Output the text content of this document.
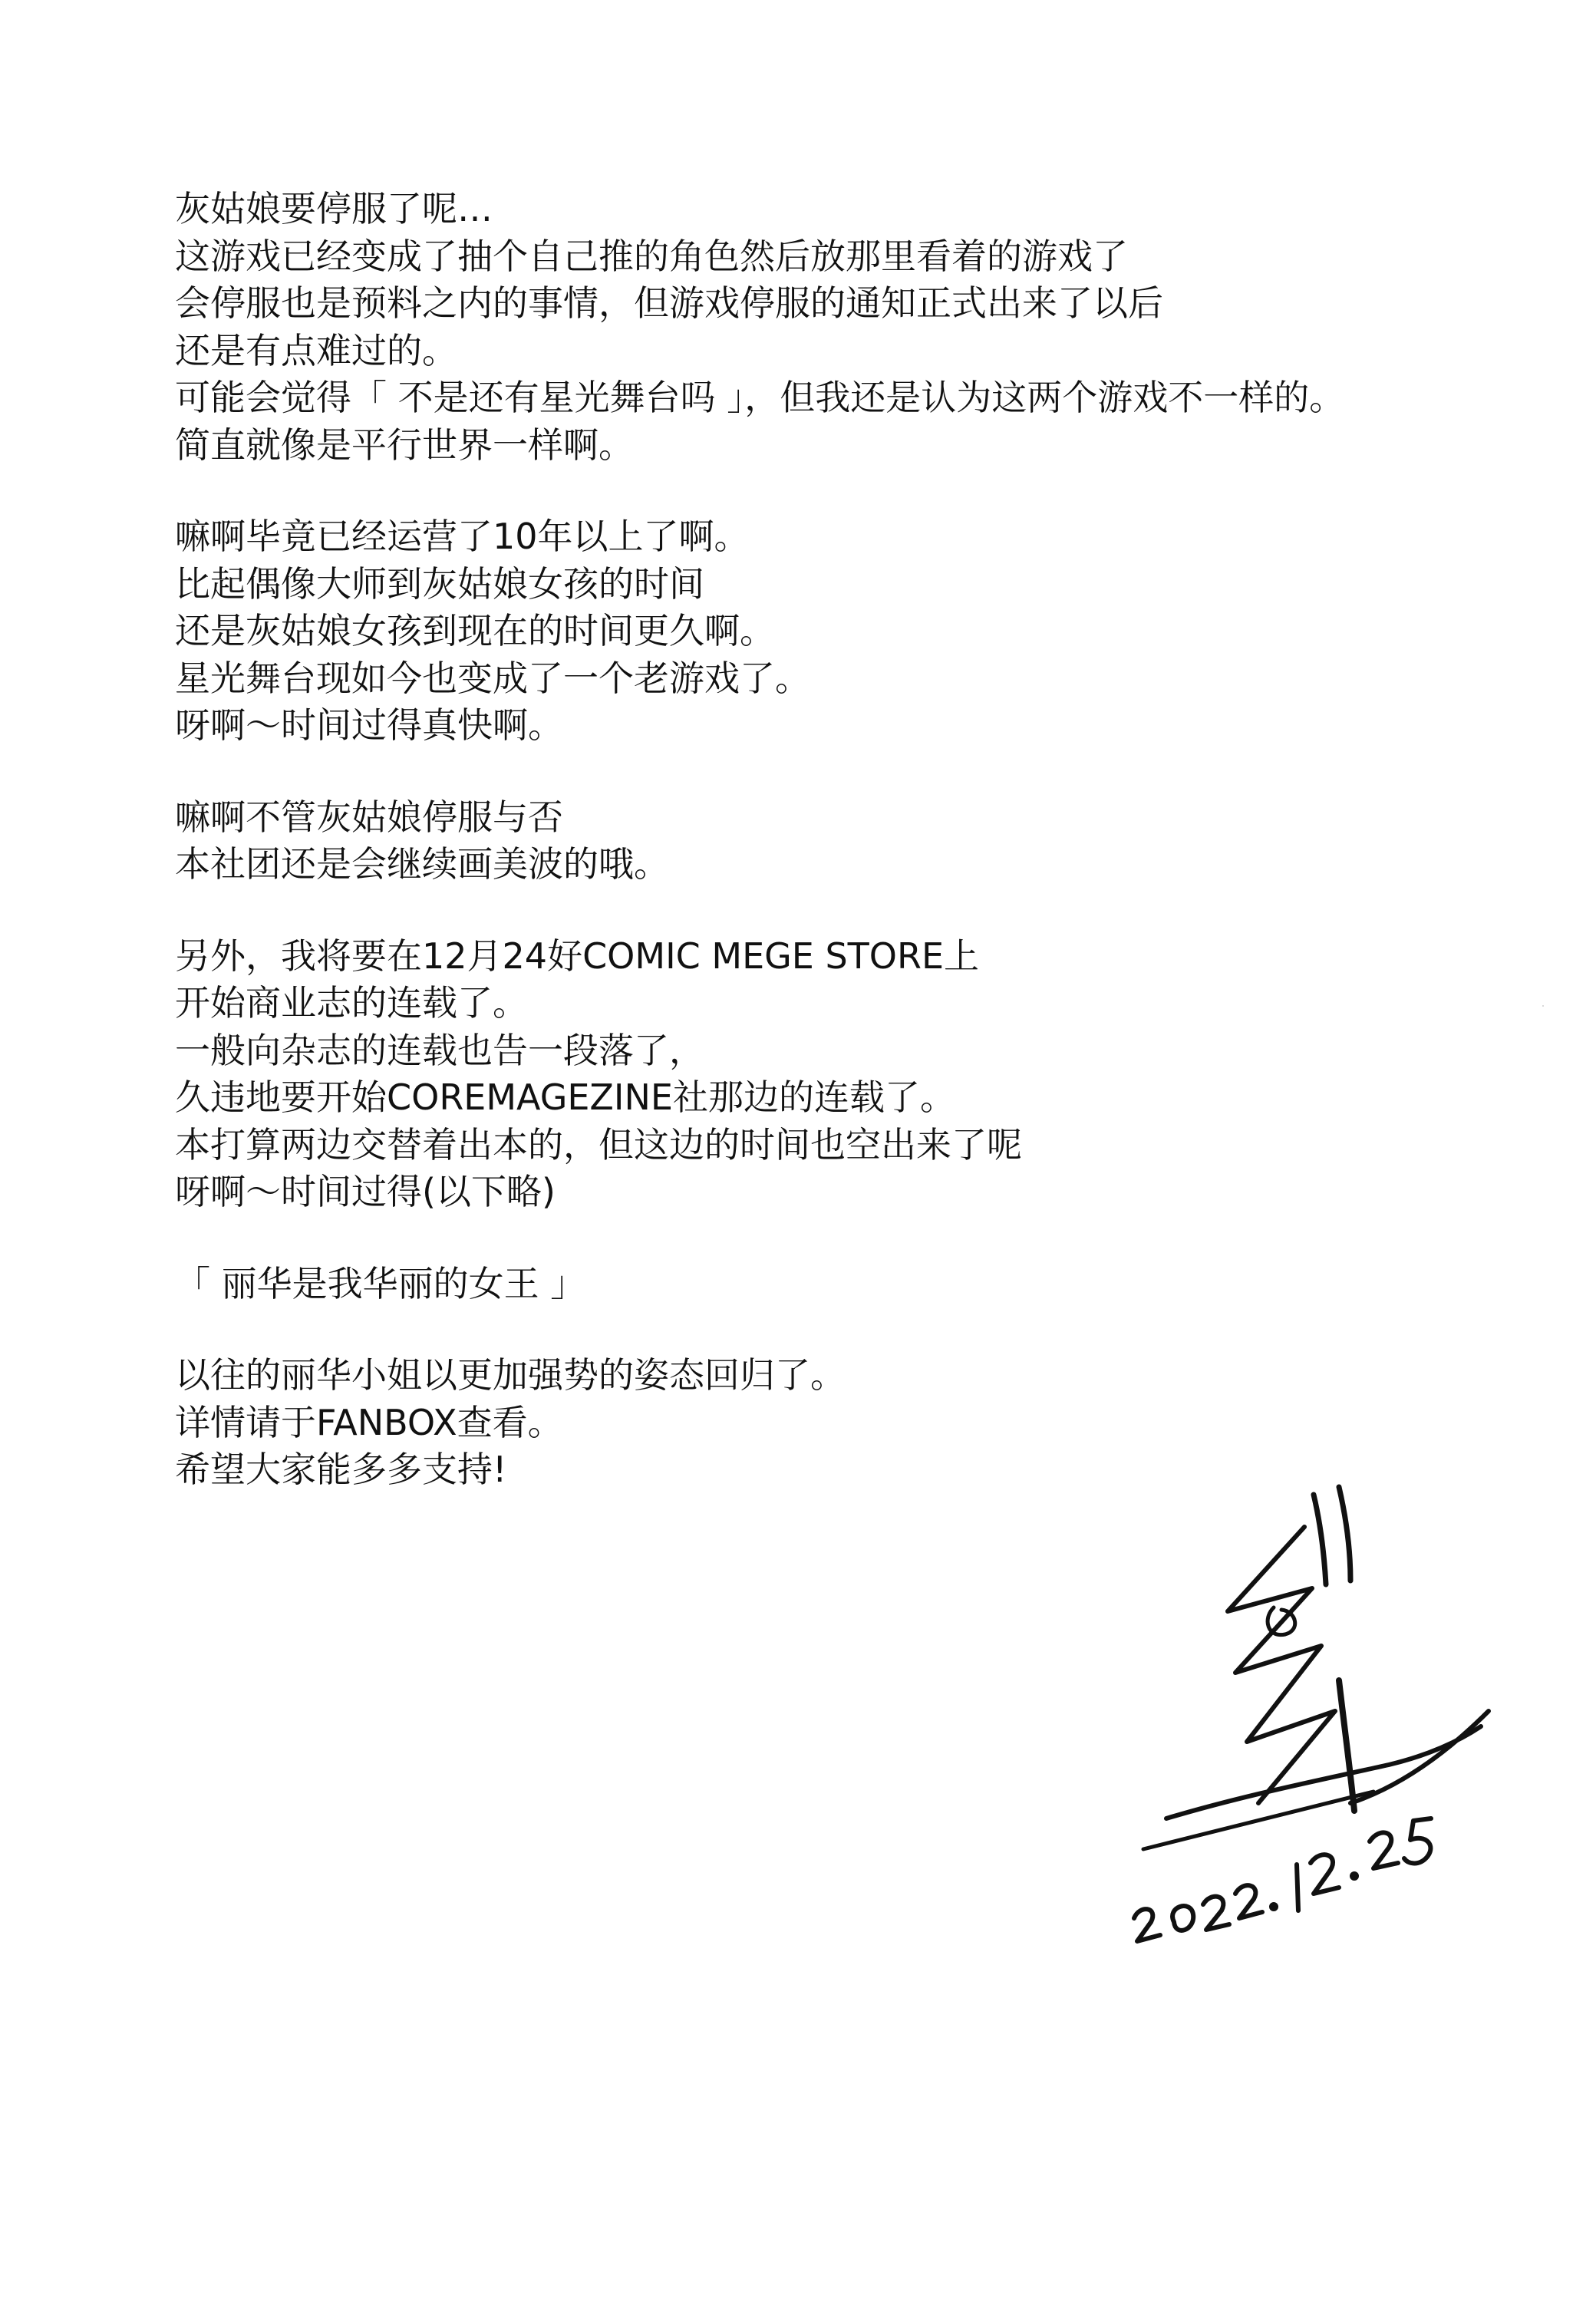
灰姑娘要停服了呢…
这游戏已经变成了抽个自己推的角色然后放那里看着的游戏了
会停服也是预料之内的事情，但游戏停服的通知正式出来了以后
还是有点难过的。
可能会觉得「 不是还有星光舞台吗 」，但我还是认为这两个游戏不一样的。
简直就像是平行世界一样啊。
嘛啊毕竟已经运营了10年以上了啊。
比起偶像大师到灰姑娘女孩的时间
还是灰姑娘女孩到现在的时间更久啊。
星光舞台现如今也变成了一个老游戏了。
呀啊～时间过得真快啊。
嘛啊不管灰姑娘停服与否
本社团还是会继续画美波的哦。
另外，我将要在12月24好COMIC MEGE STORE上
开始商业志的连载了。
一般向杂志的连载也告一段落了，
久违地要开始COREMAGEZINE社那边的连载了。
本打算两边交替着出本的，但这边的时间也空出来了呢
呀啊～时间过得(以下略)
「 丽华是我华丽的女王 」
以往的丽华小姐以更加强势的姿态回归了。
详情请于FANBOX查看。
希望大家能多多支持!
